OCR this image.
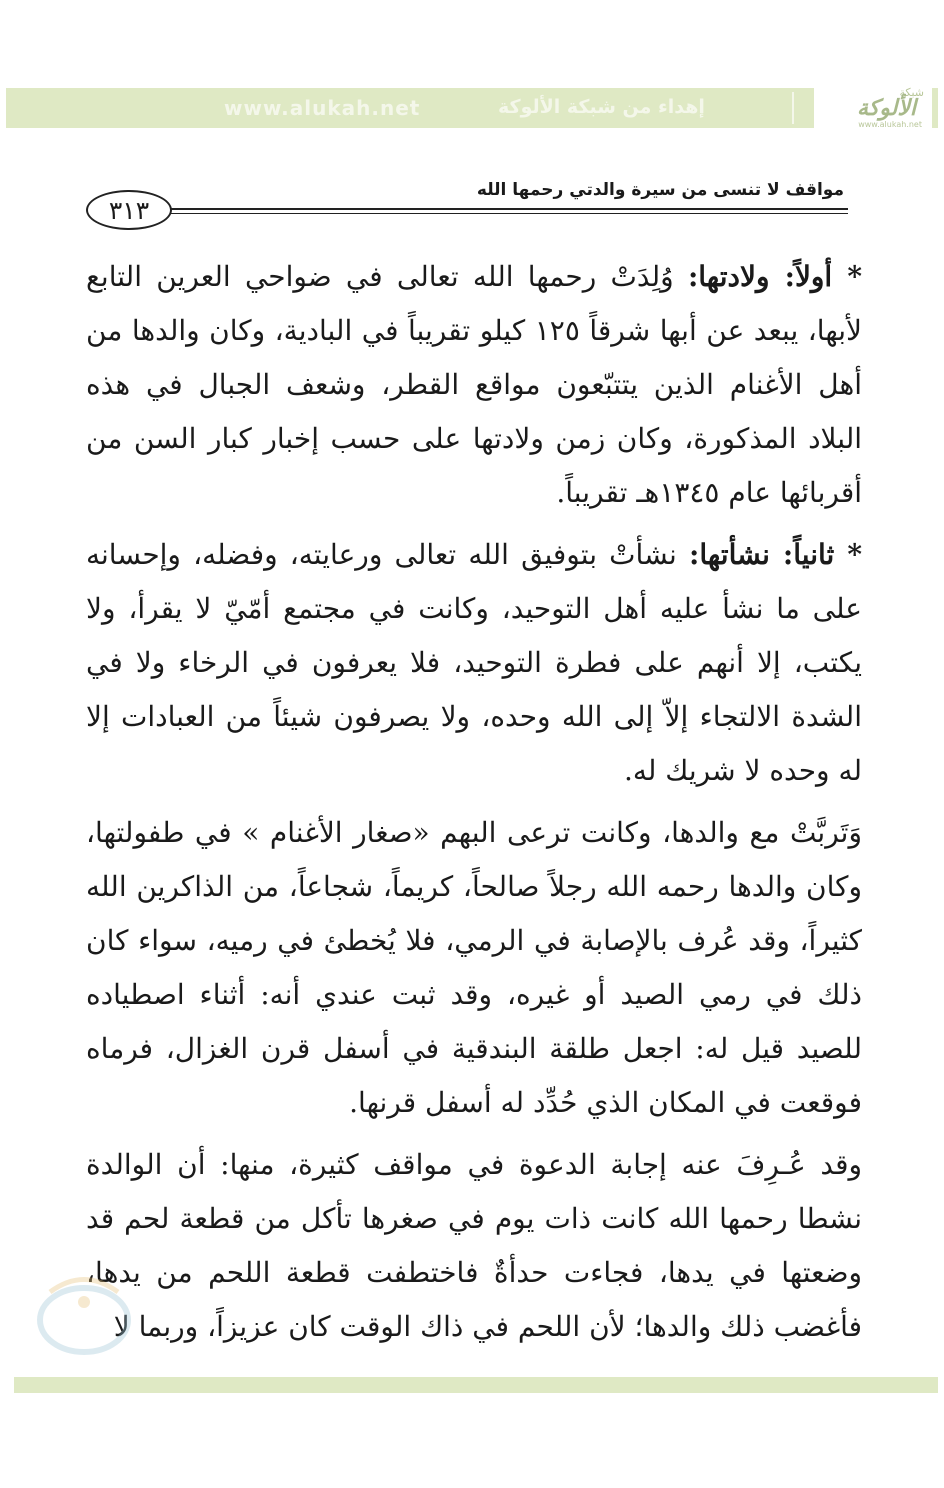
www.alukah.net	إهداء من شبكة الألوكة
شبكة
الألوكة
www.alukah.net
مواقف لا تنسى من سيرة والدتي رحمها الله
٣١٣

* أولاً: ولادتها: وُلِدَتْ رحمها الله تعالى في ضواحي العرين التابع لأبها، يبعد عن أبها شرقاً ١٢٥ كيلو تقريباً في البادية، وكان والدها من أهل الأغنام الذين يتتبّعون مواقع القطر، وشعف الجبال في هذه البلاد المذكورة، وكان زمن ولادتها على حسب إخبار كبار السن من أقربائها عام ١٣٤٥هـ تقريباً.

* ثانياً: نشأتها: نشأتْ بتوفيق الله تعالى ورعايته، وفضله، وإحسانه على ما نشأ عليه أهل التوحيد، وكانت في مجتمع أمّيّ لا يقرأ، ولا يكتب، إلا أنهم على فطرة التوحيد، فلا يعرفون في الرخاء ولا في الشدة الالتجاء إلاّ إلى الله وحده، ولا يصرفون شيئاً من العبادات إلا له وحده لا شريك له.

وَتَربَّتْ مع والدها، وكانت ترعى البهم «صغار الأغنام » في طفولتها، وكان والدها رحمه الله رجلاً صالحاً، كريماً، شجاعاً، من الذاكرين الله كثيراً، وقد عُرف بالإصابة في الرمي، فلا يُخطئ في رميه، سواء كان ذلك في رمي الصيد أو غيره، وقد ثبت عندي أنه: أثناء اصطياده للصيد قيل له: اجعل طلقة البندقية في أسفل قرن الغزال، فرماه فوقعت في المكان الذي حُدِّد له أسفل قرنها.

وقد عُـرِفَ عنه إجابة الدعوة في مواقف كثيرة، منها: أن الوالدة نشطا رحمها الله كانت ذات يوم في صغرها تأكل من قطعة لحم قد وضعتها في يدها، فجاءت حدأةٌ فاختطفت قطعة اللحم من يدها، فأغضب ذلك والدها؛ لأن اللحم في ذاك الوقت كان عزيزاً، وربما لا
